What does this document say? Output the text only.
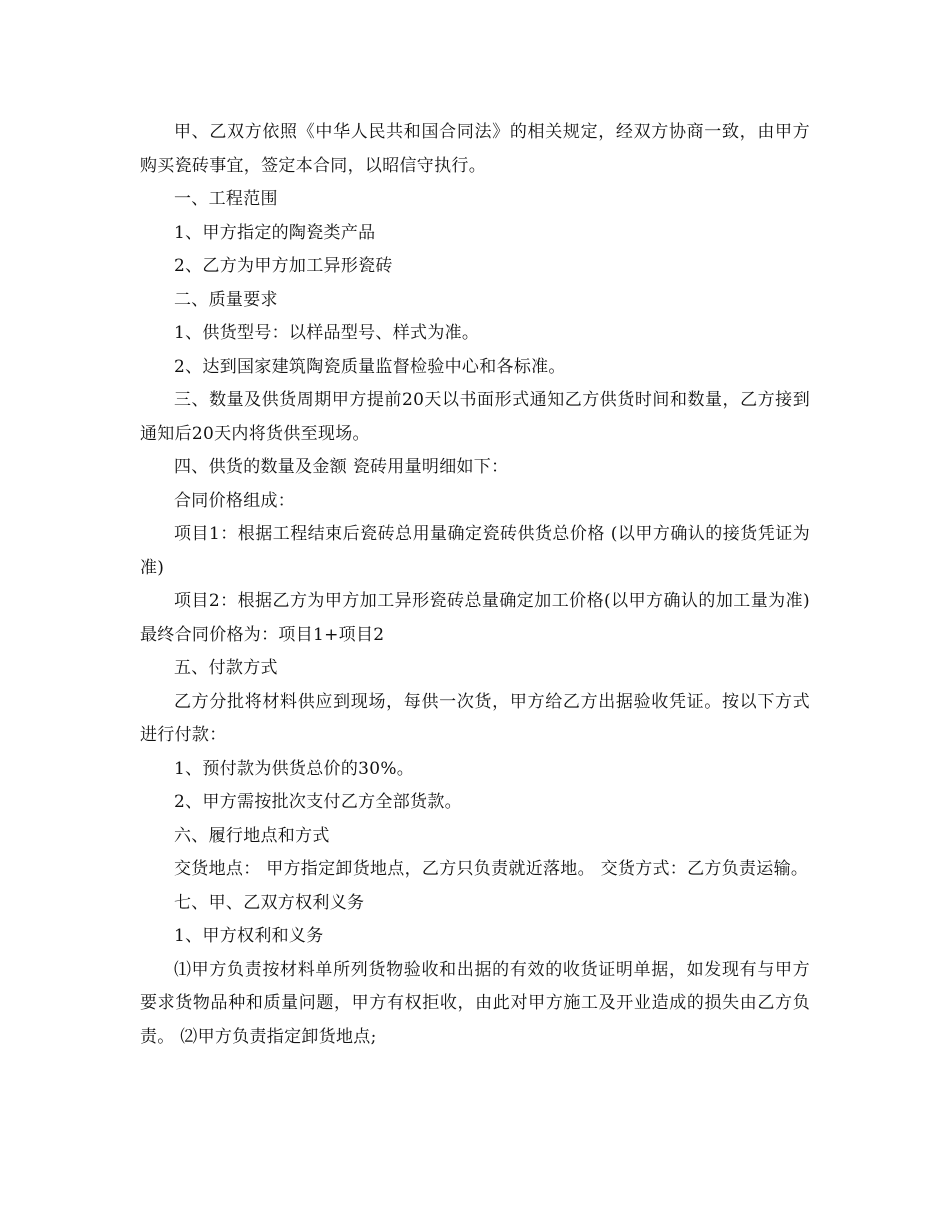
甲、乙双方依照《中华人民共和国合同法》的相关规定，经双方协商一致，由甲方购买瓷砖事宜，签定本合同，以昭信守执行。

一、工程范围

1、甲方指定的陶瓷类产品

2、乙方为甲方加工异形瓷砖

二、质量要求

1、供货型号：以样品型号、样式为准。

2、达到国家建筑陶瓷质量监督检验中心和各标准。

三、数量及供货周期甲方提前20天以书面形式通知乙方供货时间和数量，乙方接到通知后20天内将货供至现场。

四、供货的数量及金额 瓷砖用量明细如下：

合同价格组成：

项目1：根据工程结束后瓷砖总用量确定瓷砖供货总价格 (以甲方确认的接货凭证为准)

项目2：根据乙方为甲方加工异形瓷砖总量确定加工价格(以甲方确认的加工量为准)最终合同价格为：项目1+项目2

五、付款方式

乙方分批将材料供应到现场，每供一次货，甲方给乙方出据验收凭证。按以下方式进行付款：

1、预付款为供货总价的30%。

2、甲方需按批次支付乙方全部货款。

六、履行地点和方式

交货地点： 甲方指定卸货地点，乙方只负责就近落地。 交货方式：乙方负责运输。

七、甲、乙双方权利义务

1、甲方权利和义务

⑴甲方负责按材料单所列货物验收和出据的有效的收货证明单据，如发现有与甲方要求货物品种和质量问题，甲方有权拒收，由此对甲方施工及开业造成的损失由乙方负责。 ⑵甲方负责指定卸货地点;
